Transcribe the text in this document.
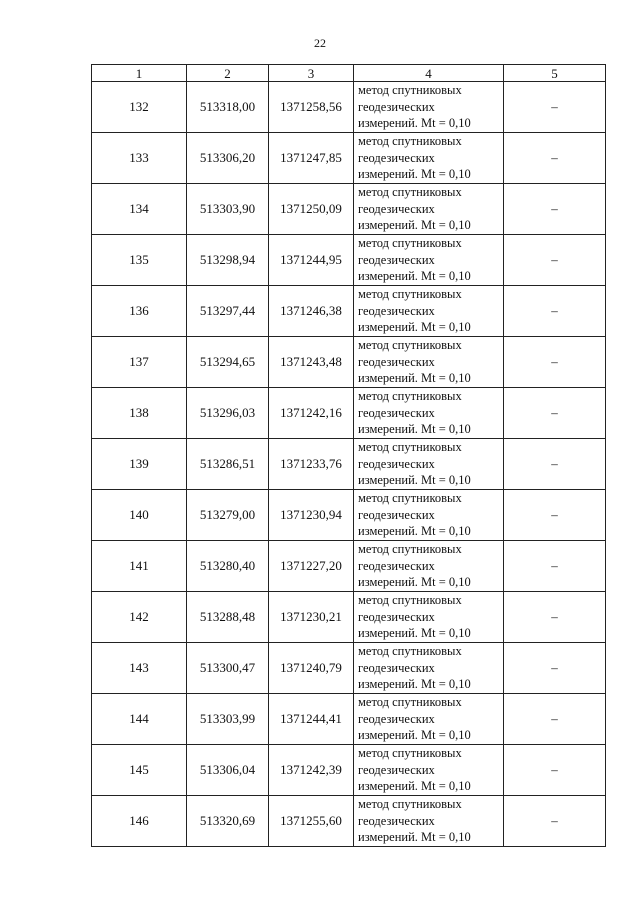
22
1	2	3	4	5
132	513318,00	1371258,56	метод спутниковых
геодезических
измерений. Mt = 0,10	–
133	513306,20	1371247,85	метод спутниковых
геодезических
измерений. Mt = 0,10	–
134	513303,90	1371250,09	метод спутниковых
геодезических
измерений. Mt = 0,10	–
135	513298,94	1371244,95	метод спутниковых
геодезических
измерений. Mt = 0,10	–
136	513297,44	1371246,38	метод спутниковых
геодезических
измерений. Mt = 0,10	–
137	513294,65	1371243,48	метод спутниковых
геодезических
измерений. Mt = 0,10	–
138	513296,03	1371242,16	метод спутниковых
геодезических
измерений. Mt = 0,10	–
139	513286,51	1371233,76	метод спутниковых
геодезических
измерений. Mt = 0,10	–
140	513279,00	1371230,94	метод спутниковых
геодезических
измерений. Mt = 0,10	–
141	513280,40	1371227,20	метод спутниковых
геодезических
измерений. Mt = 0,10	–
142	513288,48	1371230,21	метод спутниковых
геодезических
измерений. Mt = 0,10	–
143	513300,47	1371240,79	метод спутниковых
геодезических
измерений. Mt = 0,10	–
144	513303,99	1371244,41	метод спутниковых
геодезических
измерений. Mt = 0,10	–
145	513306,04	1371242,39	метод спутниковых
геодезических
измерений. Mt = 0,10	–
146	513320,69	1371255,60	метод спутниковых
геодезических
измерений. Mt = 0,10	–
